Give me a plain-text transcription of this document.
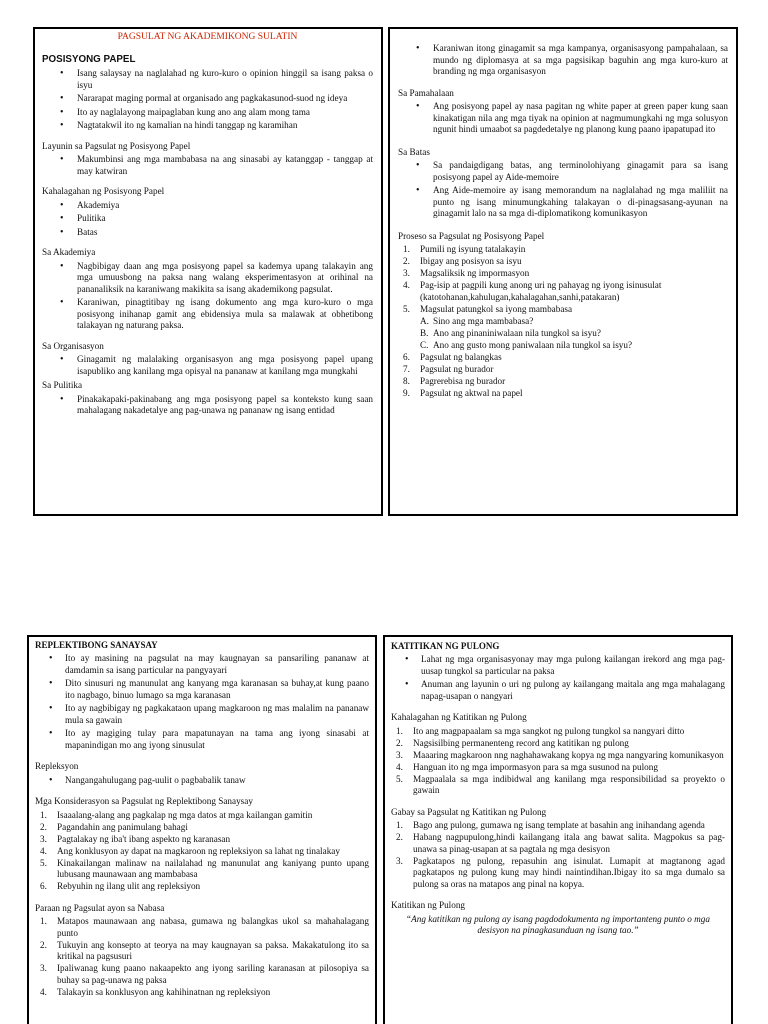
PAGSULAT NG AKADEMIKONG SULATIN
POSISYONG PAPEL
• Isang salaysay na naglalahad ng kuro-kuro o opinion hinggil sa isang paksa o isyu
• Nararapat maging pormal at organisado ang pagkakasunod-suod ng ideya
• Ito ay naglalayong maipaglaban kung ano ang alam mong tama
• Nagtatakwil ito ng kamalian na hindi tanggap ng karamihan
Layunin sa Pagsulat ng Posisyong Papel
• Makumbinsi ang mga mambabasa na ang sinasabi ay katanggap - tanggap at may katwiran
Kahalagahan ng Posisyong Papel
• Akademiya
• Pulitika
• Batas
Sa Akademiya
• Nagbibigay daan ang mga posisyong papel sa kademya upang talakayin ang mga umuusbong na paksa nang walang eksperimentasyon at orihinal na pananaliksik na karaniwang makikita sa isang akademikong pagsulat.
• Karaniwan, pinagtitibay ng isang dokumento ang mga kuro-kuro o mga posisyong inihanap gamit ang ebidensiya mula sa malawak at obhetibong talakayan ng naturang paksa.
Sa Organisasyon
• Ginagamit ng malalaking organisasyon ang mga posisyong papel upang isapubliko ang kanilang mga opisyal na pananaw at kanilang mga mungkahi
Sa Pulitika
• Pinakakapaki-pakinabang ang mga posisyong papel sa konteksto kung saan mahalagang nakadetalye ang pag-unawa ng pananaw ng isang entidad
• Karaniwan itong ginagamit sa mga kampanya, organisasyong pampahalaan, sa mundo ng diplomasya at sa mga pagsisikap baguhin ang mga kuro-kuro at branding ng mga organisasyon
Sa Pamahalaan
• Ang posisyong papel ay nasa pagitan ng white paper at green paper kung saan kinakatigan nila ang mga tiyak na opinion at nagmumungkahi ng mga solusyon ngunit hindi umaabot sa pagdedetalye ng planong kung paano ipapatupad ito
Sa Batas
• Sa pandaigdigang batas, ang terminolohiyang ginagamit para sa isang posisyong papel ay Aide-memoire
• Ang Aide-memoire ay isang memorandum na naglalahad ng mga maliliit na punto ng isang minumungkahing talakayan o di-pinagsasang-ayunan na ginagamit lalo na sa mga di-diplomatikong komunikasyon
Proseso sa Pagsulat ng Posisyong Papel
1. Pumili ng isyung tatalakayin
2. Ibigay ang posisyon sa isyu
3. Magsaliksik ng impormasyon
4. Pag-isip at pagpili kung anong uri ng pahayag ng iyong isinusulat
(katotohanan,kahulugan,kahalagahan,sanhi,patakaran)
5. Magsulat patungkol sa iyong mambabasa
A. Sino ang mga mambabasa?
B. Ano ang pinaniniwalaan nila tungkol sa isyu?
C. Ano ang gusto mong paniwalaan nila tungkol sa isyu?
6. Pagsulat ng balangkas
7. Pagsulat ng burador
8. Pagrerebisa ng burador
9. Pagsulat ng aktwal na papel
REPLEKTIBONG SANAYSAY
• Ito ay masining na pagsulat na may kaugnayan sa pansariling pananaw at damdamin sa isang particular na pangyayari
• Dito sinusuri ng manunulat ang kanyang mga karanasan sa buhay,at kung paano ito nagbago, binuo lumago sa mga karanasan
• Ito ay nagbibigay ng pagkakataon upang magkaroon ng mas malalim na pananaw mula sa gawain
• Ito ay magiging tulay para mapatunayan na tama ang iyong sinasabi at mapanindigan mo ang iyong sinusulat
Repleksyon
• Nangangahulugang pag-uulit o pagbabalik tanaw
Mga Konsiderasyon sa Pagsulat ng Replektibong Sanaysay
1. Isaaalang-alang ang pagkalap ng mga datos at mga kailangan gamitin
2. Pagandahin ang panimulang bahagi
3. Pagtalakay ng iba't ibang aspekto ng karanasan
4. Ang konklusyon ay dapat na magkaroon ng repleksiyon sa lahat ng tinalakay
5. Kinakailangan malinaw na nailalahad ng manunulat ang kaniyang punto upang lubusang maunawaan ang mambabasa
6. Rebyuhin ng ilang ulit ang repleksiyon
Paraan ng Pagsulat ayon sa Nabasa
1. Matapos maunawaan ang nabasa, gumawa ng balangkas ukol sa mahahalagang punto
2. Tukuyin ang konsepto at teorya na may kaugnayan sa paksa. Makakatulong ito sa kritikal na pagsusuri
3. Ipaliwanag kung paano nakaapekto ang iyong sariling karanasan at pilosopiya sa buhay sa pag-unawa ng paksa
4. Talakayin sa konklusyon ang kahihinatnan ng repleksiyon
KATITIKAN NG PULONG
• Lahat ng mga organisasyonay may mga pulong kailangan irekord ang mga pag-uusap tungkol sa particular na paksa
• Anuman ang layunin o uri ng pulong ay kailangang maitala ang mga mahalagang napag-usapan o nangyari
Kahalagahan ng Katitikan ng Pulong
1. Ito ang magpapaalam sa mga sangkot ng pulong tungkol sa nangyari ditto
2. Nagsisilbing permanenteng record ang katitikan ng pulong
3. Maaaring magkaroon nng naghahawakang kopya ng mga nangyaring komunikasyon
4. Hanguan ito ng mga impormasyon para sa mga susunod na pulong
5. Magpaalala sa mga indibidwal ang kanilang mga responsibilidad sa proyekto o gawain
Gabay sa Pagsulat ng Katitikan ng Pulong
1. Bago ang pulong, gumawa ng isang template at basahin ang inihandang agenda
2. Habang nagpupulong,hindi kailangang itala ang bawat salita. Magpokus sa pag-unawa sa pinag-usapan at sa pagtala ng mga desisyon
3. Pagkatapos ng pulong, repasuhin ang isinulat. Lumapit at magtanong agad pagkatapos ng pulong kung may hindi naintindihan.Ibigay ito sa mga dumalo sa pulong sa oras na matapos ang pinal na kopya.
Katitikan ng Pulong
“Ang katitikan ng pulong ay isang pagdodokumenta ng importanteng punto o mga desisyon na pinagkasunduan ng isang tao.”
